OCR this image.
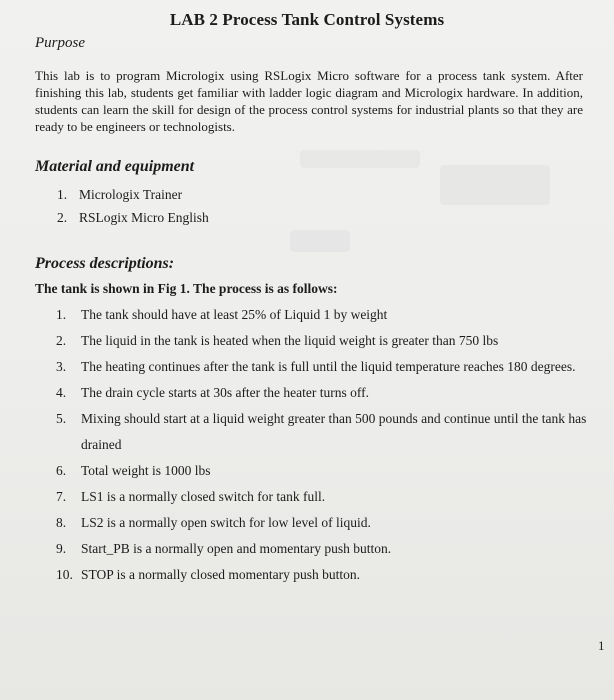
LAB 2 Process Tank Control Systems
Purpose
This lab is to program Micrologix using RSLogix Micro software for a process tank system. After finishing this lab, students get familiar with ladder logic diagram and Micrologix hardware. In addition, students can learn the skill for design of the process control systems for industrial plants so that they are ready to be engineers or technologists.
Material and equipment
1. Micrologix Trainer
2. RSLogix Micro English
Process descriptions:
The tank is shown in Fig 1. The process is as follows:
1.	The tank should have at least 25% of Liquid 1 by weight
2.	The liquid in the tank is heated when the liquid weight is greater than 750 lbs
3.	The heating continues after the tank is full until the liquid temperature reaches 180 degrees.
4.	The drain cycle starts at 30s after the heater turns off.
5.	Mixing should start at a liquid weight greater than 500 pounds and continue until the tank has drained
6.	Total weight is 1000 lbs
7.	LS1 is a normally closed switch for tank full.
8.	LS2 is a normally open switch for low level of liquid.
9.	Start_PB is a normally open and momentary push button.
10. STOP is a normally closed momentary push button.
1
